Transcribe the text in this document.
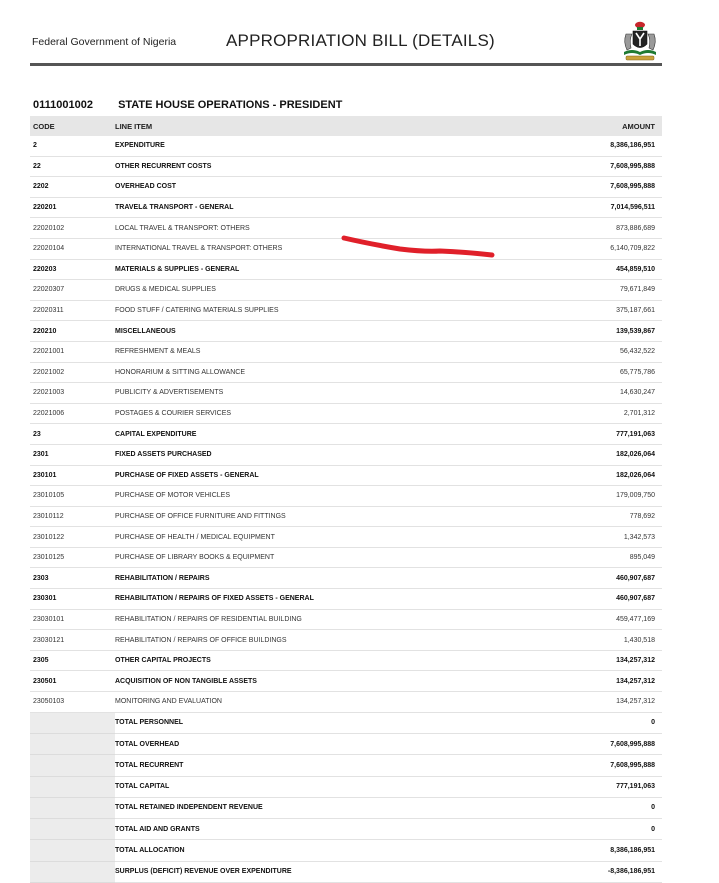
Federal Government of Nigeria	APPROPRIATION BILL (DETAILS)
0111001002 STATE HOUSE OPERATIONS - PRESIDENT
CODE	LINE ITEM	AMOUNT
2	EXPENDITURE	8,386,186,951
22	OTHER RECURRENT COSTS	7,608,995,888
2202	OVERHEAD COST	7,608,995,888
220201	TRAVEL& TRANSPORT - GENERAL	7,014,596,511
22020102	LOCAL TRAVEL & TRANSPORT: OTHERS	873,886,689
22020104	INTERNATIONAL TRAVEL & TRANSPORT: OTHERS	6,140,709,822
220203	MATERIALS & SUPPLIES - GENERAL	454,859,510
22020307	DRUGS & MEDICAL SUPPLIES	79,671,849
22020311	FOOD STUFF / CATERING MATERIALS SUPPLIES	375,187,661
220210	MISCELLANEOUS	139,539,867
22021001	REFRESHMENT & MEALS	56,432,522
22021002	HONORARIUM & SITTING ALLOWANCE	65,775,786
22021003	PUBLICITY & ADVERTISEMENTS	14,630,247
22021006	POSTAGES & COURIER SERVICES	2,701,312
23	CAPITAL EXPENDITURE	777,191,063
2301	FIXED ASSETS PURCHASED	182,026,064
230101	PURCHASE OF FIXED ASSETS - GENERAL	182,026,064
23010105	PURCHASE OF MOTOR VEHICLES	179,009,750
23010112	PURCHASE OF OFFICE FURNITURE AND FITTINGS	778,692
23010122	PURCHASE OF HEALTH / MEDICAL EQUIPMENT	1,342,573
23010125	PURCHASE OF LIBRARY BOOKS & EQUIPMENT	895,049
2303	REHABILITATION / REPAIRS	460,907,687
230301	REHABILITATION / REPAIRS OF FIXED ASSETS - GENERAL	460,907,687
23030101	REHABILITATION / REPAIRS OF RESIDENTIAL BUILDING	459,477,169
23030121	REHABILITATION / REPAIRS OF OFFICE BUILDINGS	1,430,518
2305	OTHER CAPITAL PROJECTS	134,257,312
230501	ACQUISITION OF NON TANGIBLE ASSETS	134,257,312
23050103	MONITORING AND EVALUATION	134,257,312
	TOTAL PERSONNEL	0
	TOTAL OVERHEAD	7,608,995,888
	TOTAL RECURRENT	7,608,995,888
	TOTAL CAPITAL	777,191,063
	TOTAL RETAINED INDEPENDENT REVENUE	0
	TOTAL AID AND GRANTS	0
	TOTAL ALLOCATION	8,386,186,951
	SURPLUS (DEFICIT) REVENUE OVER EXPENDITURE	-8,386,186,951
